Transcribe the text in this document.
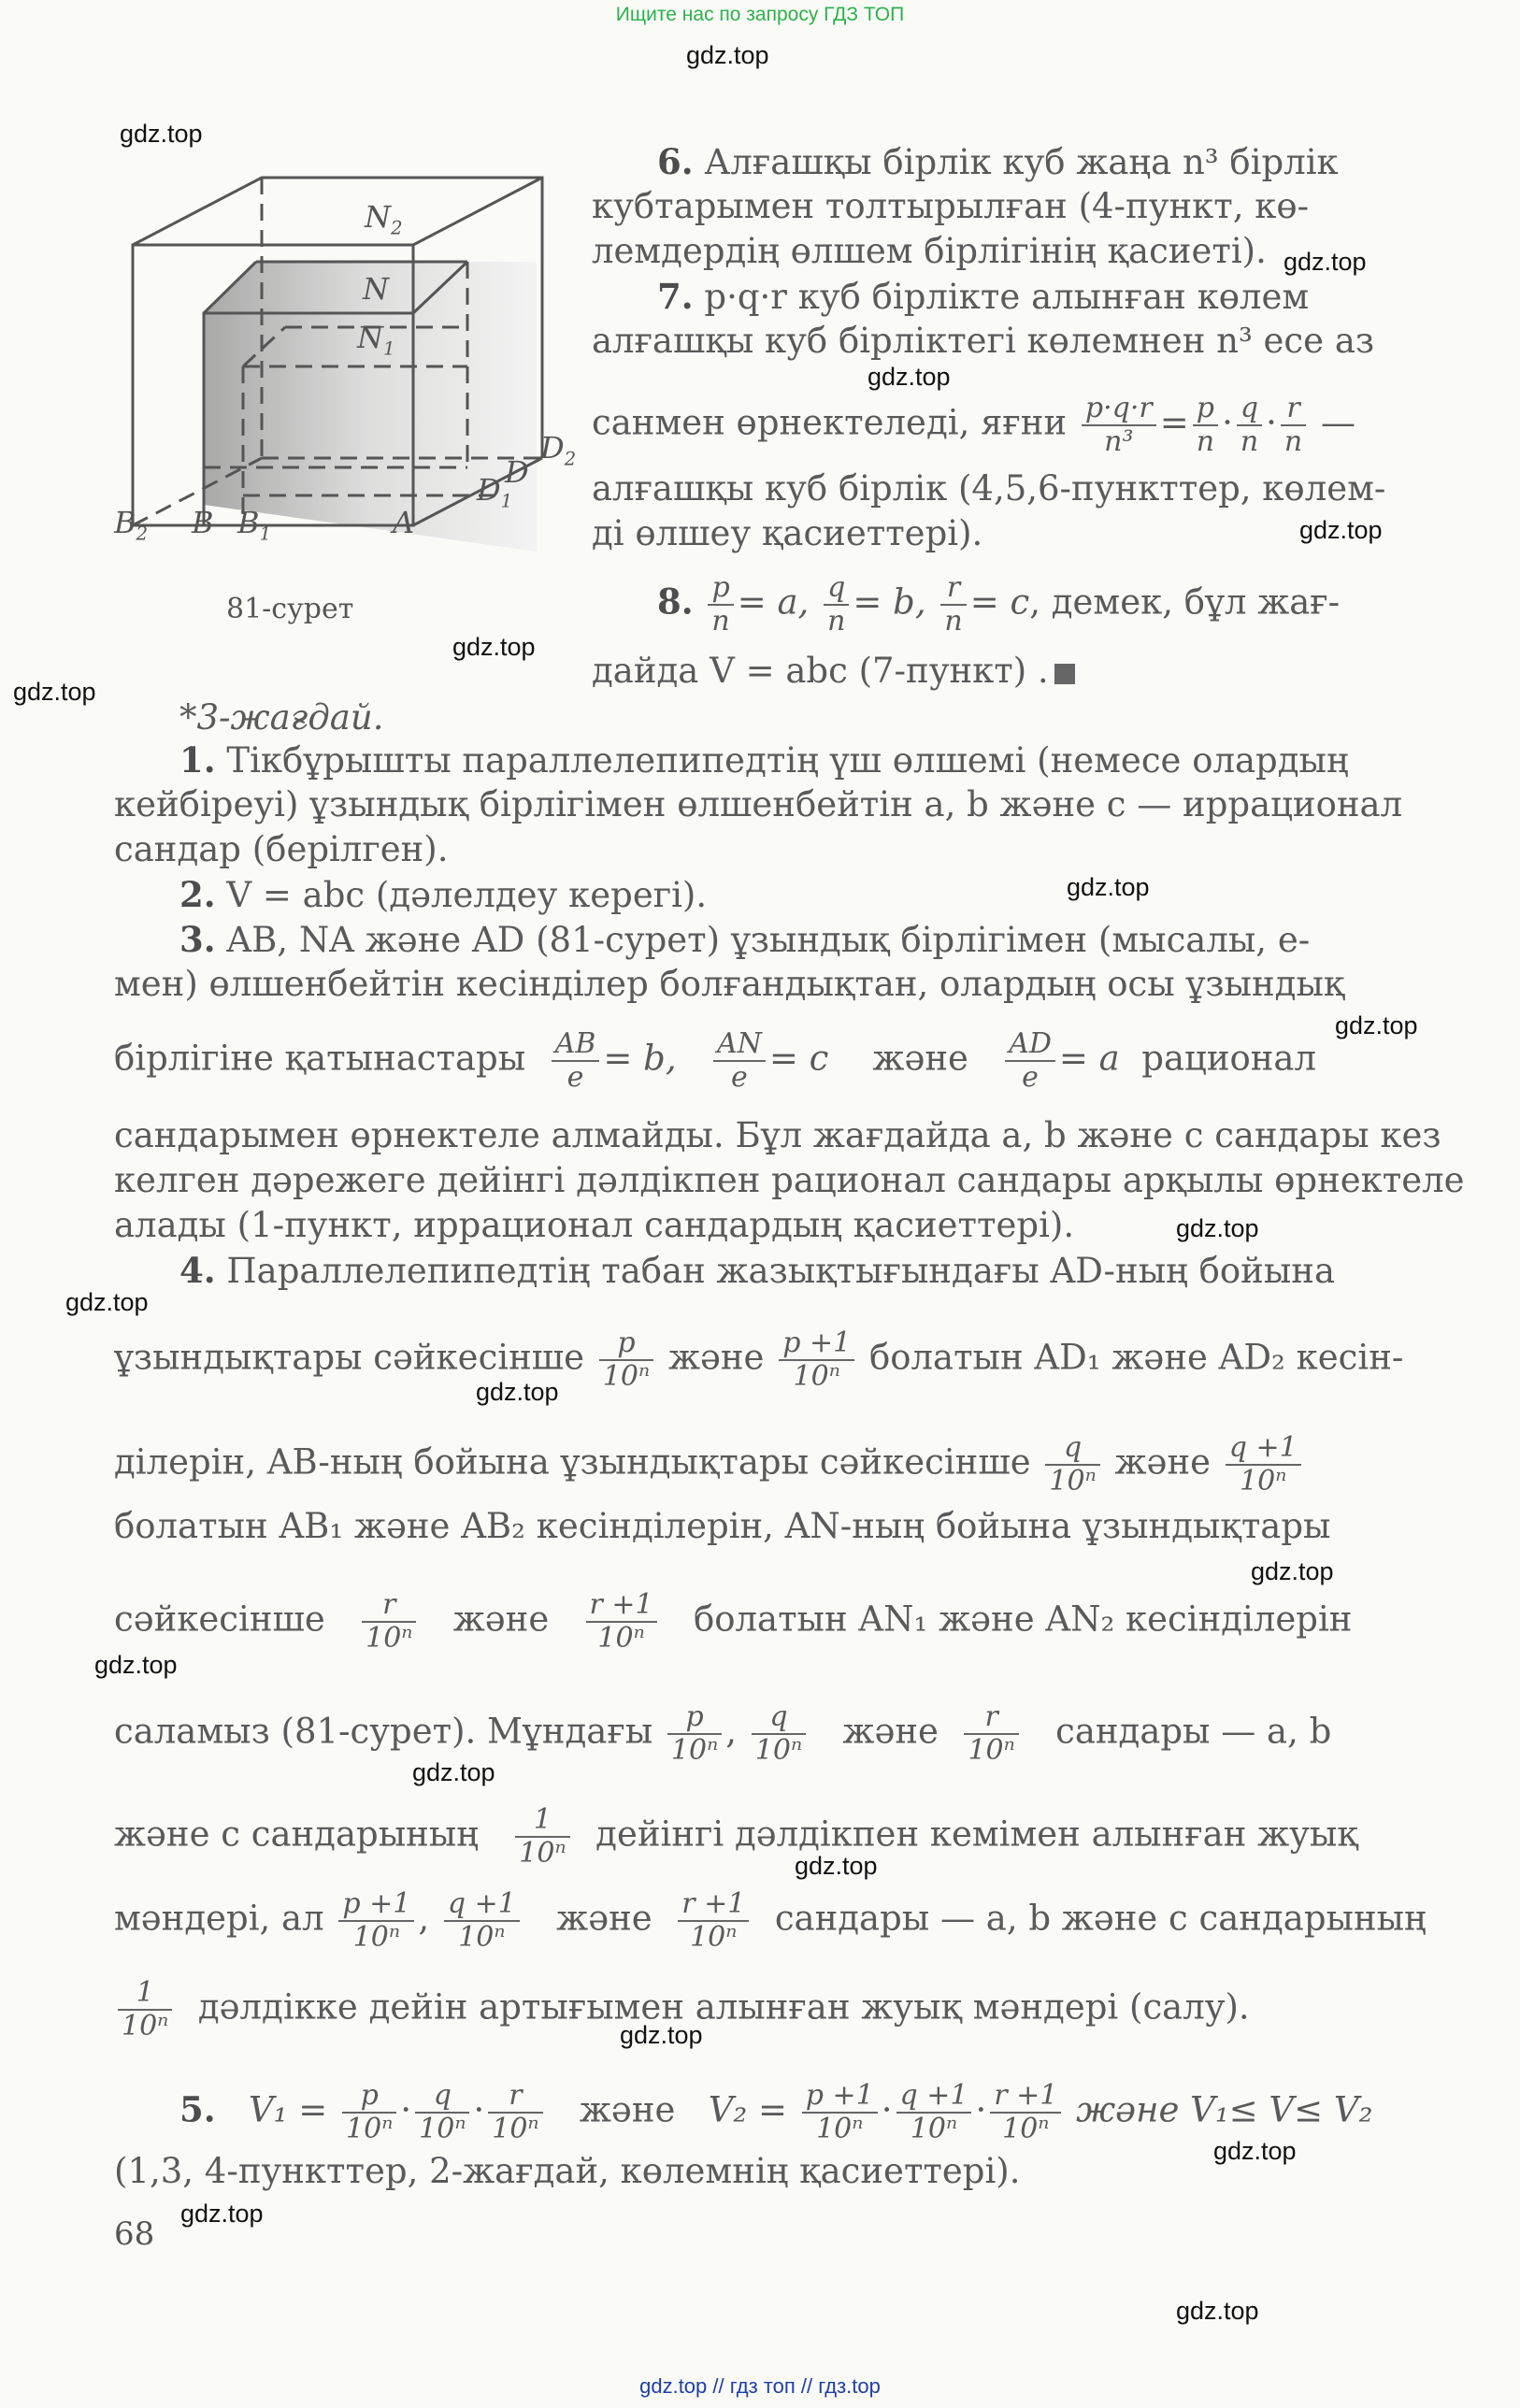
Ищите нас по запросу ГДЗ ТОП
gdz.top // гдз топ // гдз.top
gdz.top
gdz.top
gdz.top
gdz.top
gdz.top
gdz.top
gdz.top
gdz.top
gdz.top
gdz.top
gdz.top
gdz.top
gdz.top
gdz.top
gdz.top
gdz.top
gdz.top
gdz.top
gdz.top
gdz.top
$N_2$
N
$N_1$
$D_2$
D
$D_1$
$B_2$ B $B_1$	A
81-сурет
6. Алғашқы бірлік куб жаңа n³ бірлік
кубтарымен толтырылған (4-пункт, кө-
лемдердің өлшем бірлігінің қасиеті).
7. p·q·r куб бірлікте алынған көлем
алғашқы куб бірліктегі көлемнен n³ есе аз
санмен өрнектеледі, яғни $\frac{p\cdot q\cdot r}{\text{n³}} = \frac{p}{n} \cdot \frac{q}{n} \cdot \frac{r}{n}$ —
алғашқы куб бірлік (4,5,6-пункттер, көлем-
ді өлшеу қасиеттері).
8. $\frac{p}{n} = a$, $\frac{q}{n} = b$, $\frac{r}{n} = c$, демек, бұл жағ-
дайда V = abc (7-пункт) .
*3-жағдай.
1. Тікбұрышты параллелепипедтің үш өлшемі (немесе олардың
кейбіреуі) ұзындық бірлігімен өлшенбейтін a, b және c — иррационал
сандар (берілген).
2. V = abc (дәлелдеу керегі).
3. AB, NA және AD (81-сурет) ұзындық бірлігімен (мысалы, e-
мен) өлшенбейтін кесінділер болғандықтан, олардың осы ұзындық
бірлігіне қатынастары $\frac{AB}{e} = b$, $\frac{AN}{e} = c$ және $\frac{AD}{e} = a$ рационал
сандарымен өрнектеле алмайды. Бұл жағдайда a, b және c сандары кез
келген дәрежеге дейінгі дәлдікпен рационал сандары арқылы өрнектеле
алады (1-пункт, иррационал сандардың қасиеттері).
4. Параллелепипедтің табан жазықтығындағы AD-ның бойына
ұзындықтары сәйкесінше $\frac{p}{\text{10ⁿ}}$ және $\frac{p +1}{\text{10ⁿ}}$ болатын AD₁ және AD₂ кесін-
ділерін, AB-ның бойына ұзындықтары сәйкесінше $\frac{q}{\text{10ⁿ}}$ және $\frac{q +1}{\text{10ⁿ}}$
болатын AB₁ және AB₂ кесінділерін, AN-ның бойына ұзындықтары
сәйкесінше $\frac{r}{\text{10ⁿ}}$ және $\frac{r +1}{\text{10ⁿ}}$ болатын AN₁ және AN₂ кесінділерін
саламыз (81-сурет). Мұндағы $\frac{p}{\text{10ⁿ}}$ , $\frac{q}{\text{10ⁿ}}$ және $\frac{r}{\text{10ⁿ}}$ сандары — a, b
және c сандарының $\frac{1}{\text{10ⁿ}}$ дейінгі дәлдікпен кемімен алынған жуық
мәндері, ал $\frac{p +1}{\text{10ⁿ}}$ , $\frac{q +1}{\text{10ⁿ}}$ және $\frac{r +1}{\text{10ⁿ}}$ сандары — a, b және c сандарының
$\frac{1}{\text{10ⁿ}}$ дәлдікке дейін артығымен алынған жуық мәндері (салу).
5. $V_1 = \frac{p}{\text{10ⁿ}} \cdot \frac{q}{\text{10ⁿ}} \cdot \frac{r}{\text{10ⁿ}}$ және $V_2 = \frac{p +1}{\text{10ⁿ}} \cdot \frac{q +1}{\text{10ⁿ}} \cdot \frac{r +1}{\text{10ⁿ}}$ және V₁≤ V≤ V₂
(1,3, 4-пункттер, 2-жағдай, көлемнің қасиеттері).
68
